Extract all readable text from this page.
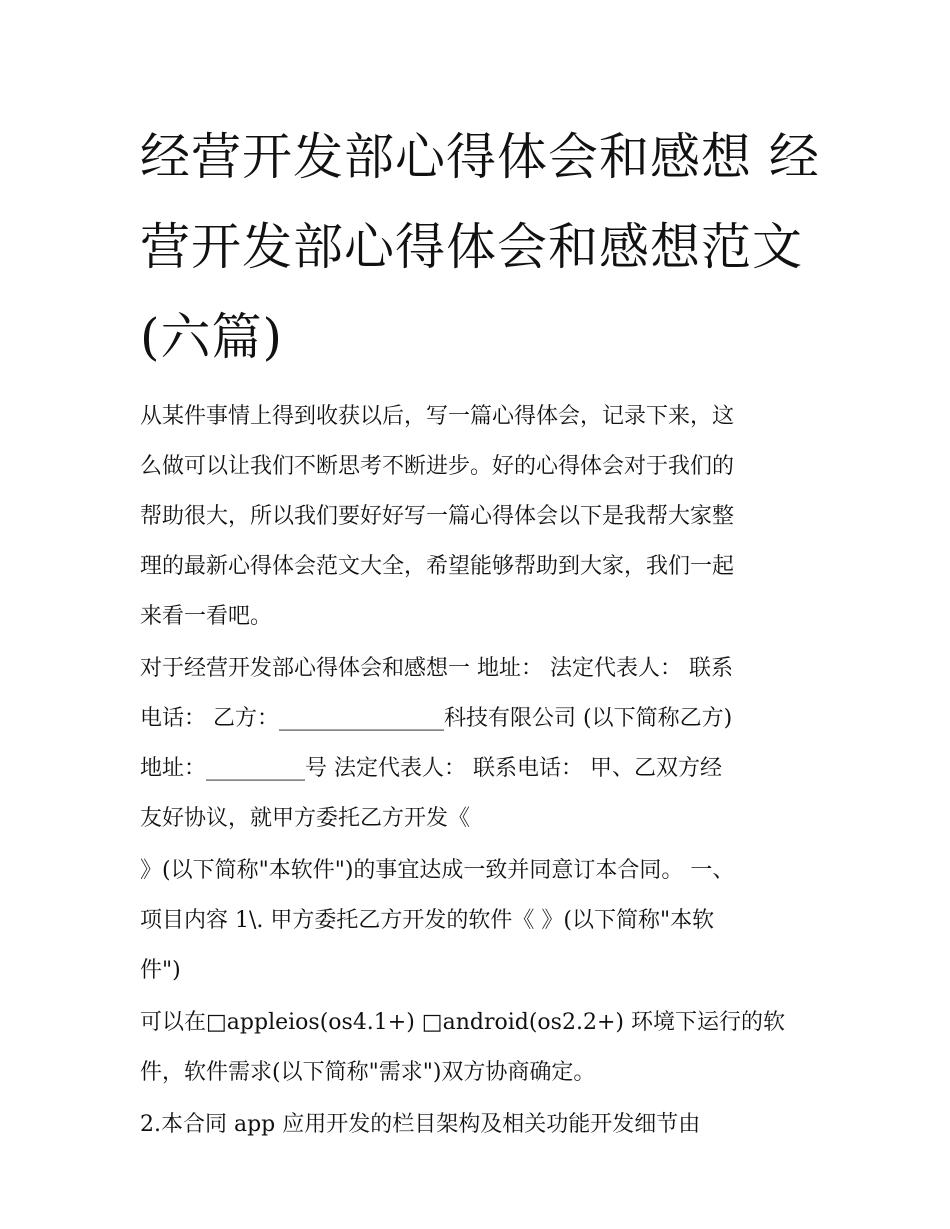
经营开发部心得体会和感想 经
营开发部心得体会和感想范文
(六篇)

从某件事情上得到收获以后，写一篇心得体会，记录下来，这
么做可以让我们不断思考不断进步。好的心得体会对于我们的
帮助很大，所以我们要好好写一篇心得体会以下是我帮大家整
理的最新心得体会范文大全，希望能够帮助到大家，我们一起
来看一看吧。

对于经营开发部心得体会和感想一 地址： 法定代表人： 联系
电话： 乙方：_______________科技有限公司 (以下简称乙方)
地址：_________号 法定代表人： 联系电话： 甲、乙双方经
友好协议，就甲方委托乙方开发《

》(以下简称"本软件")的事宜达成一致并同意订本合同。 一、
项目内容 1\. 甲方委托乙方开发的软件《 》(以下简称"本软
件")

可以在□appleios(os4.1+) □android(os2.2+) 环境下运行的软
件，软件需求(以下简称"需求")双方协商确定。

2.本合同 app 应用开发的栏目架构及相关功能开发细节由
